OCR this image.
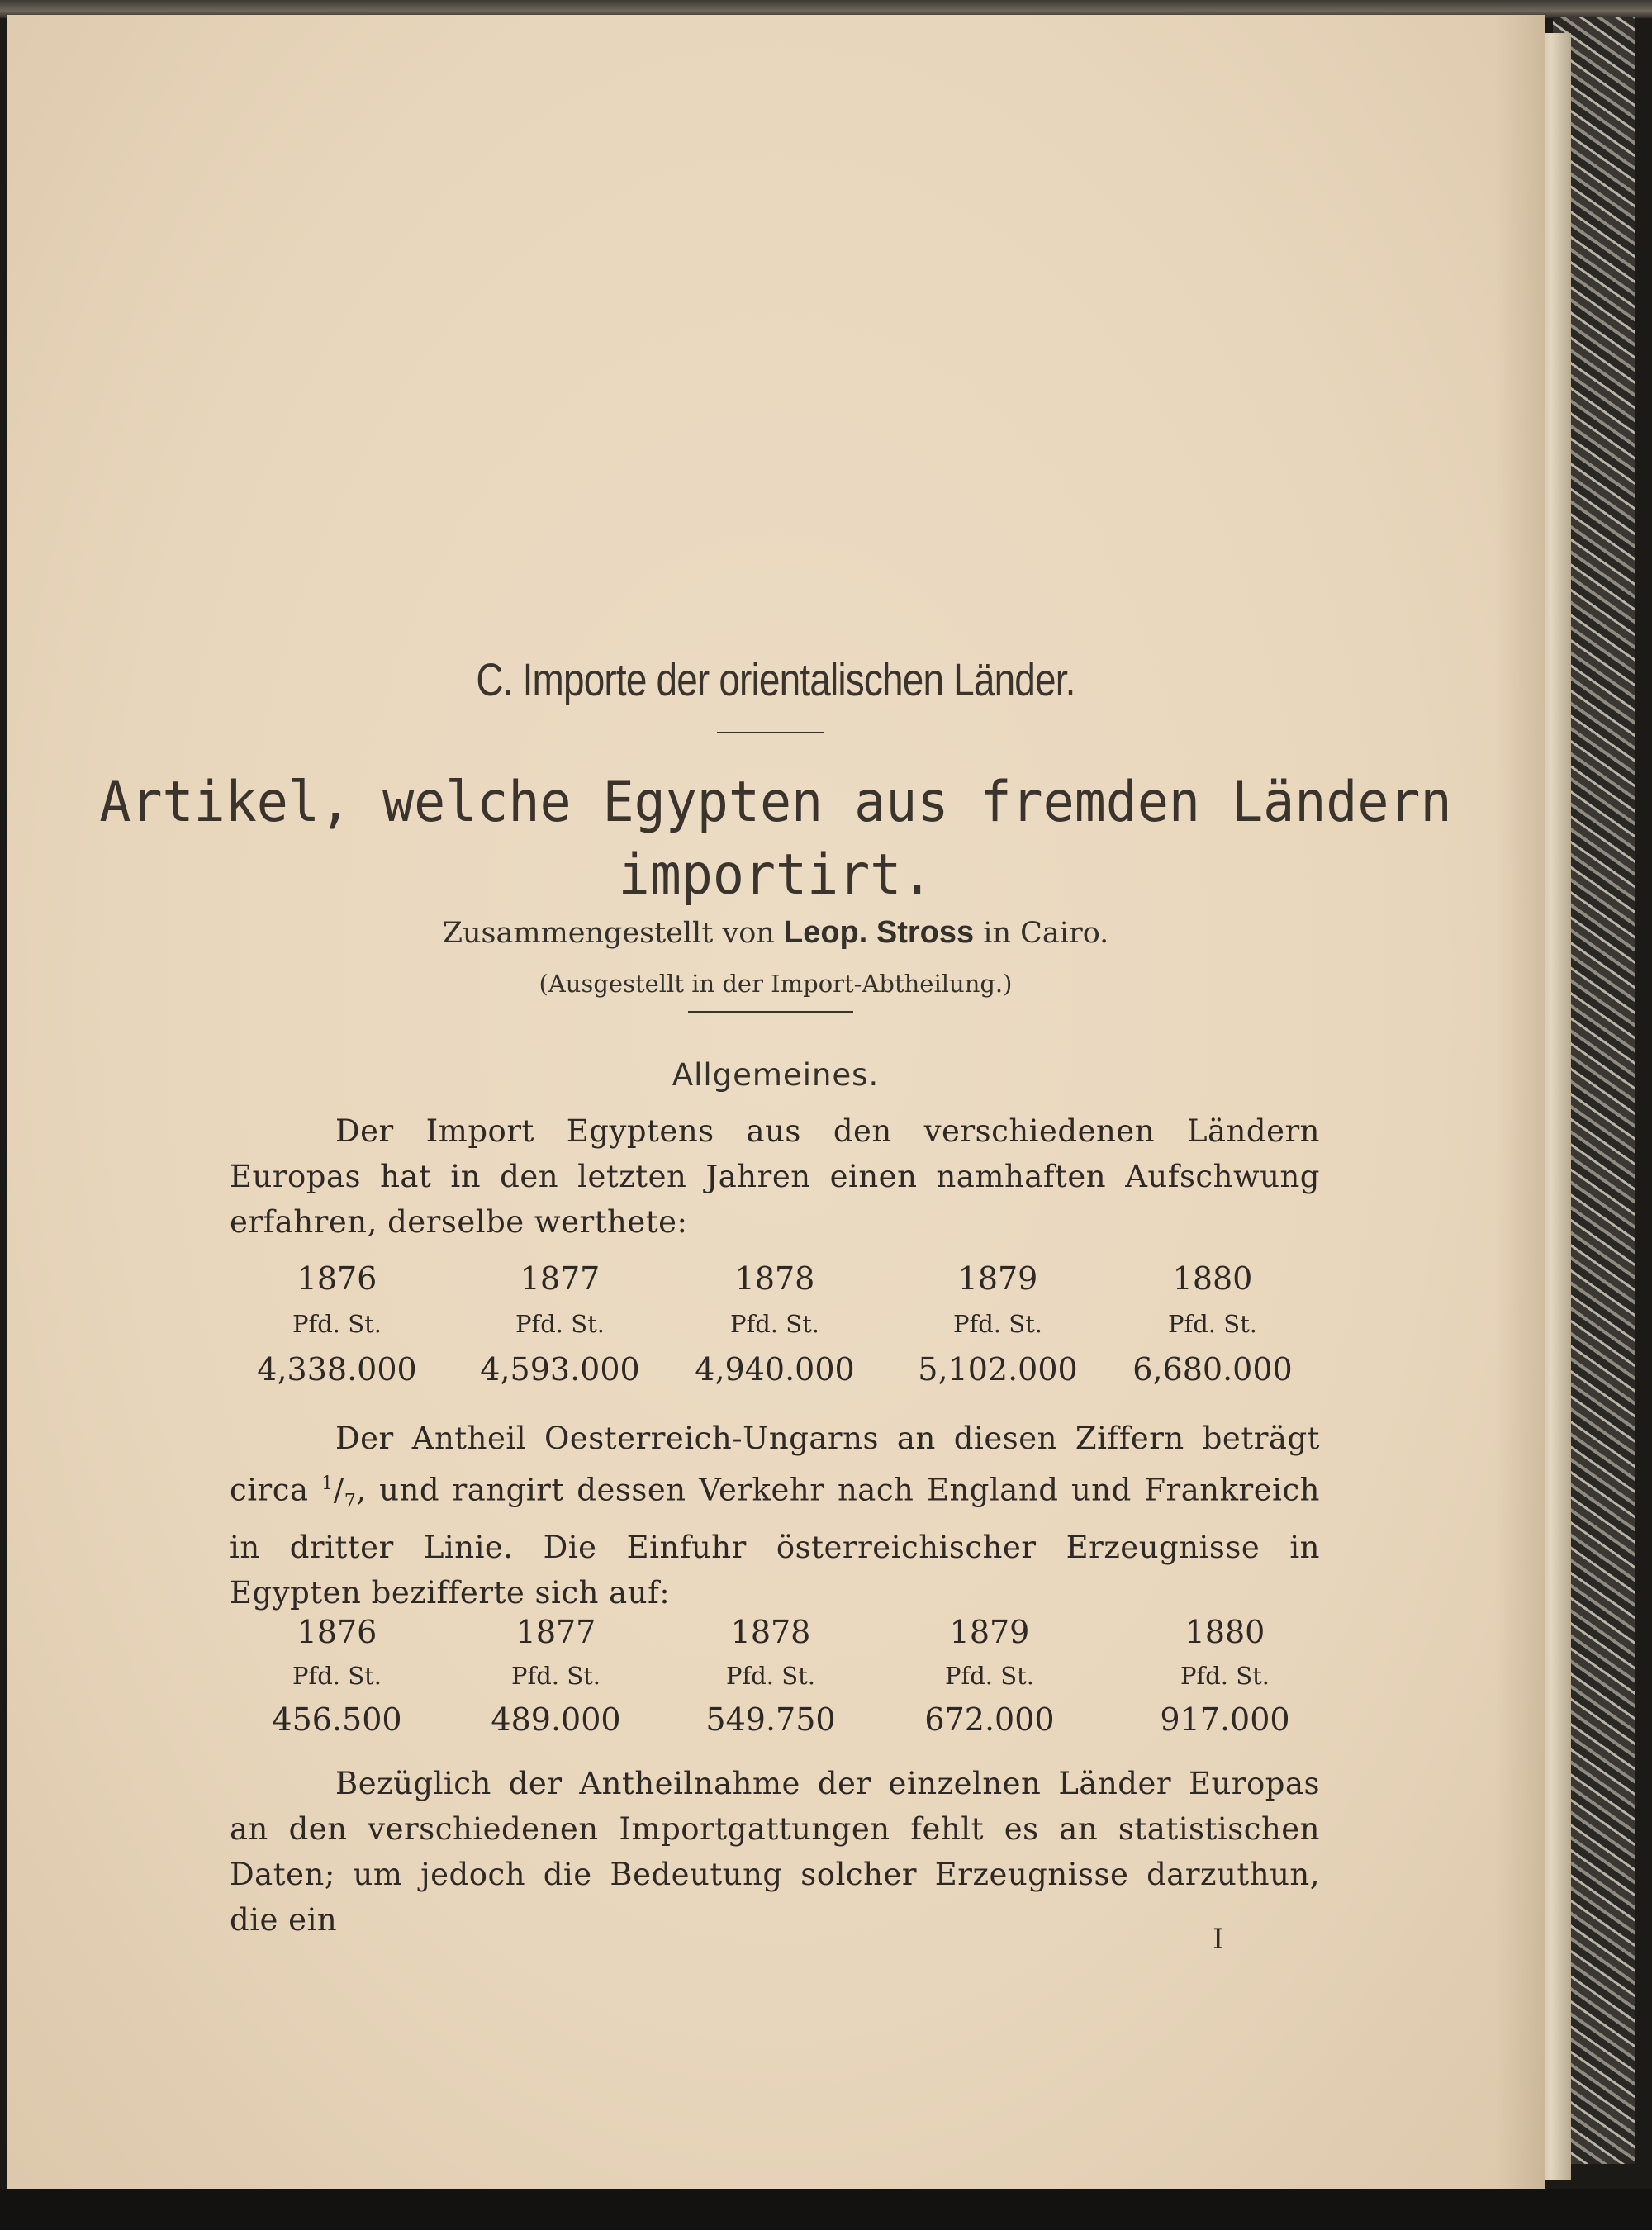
C. Importe der orientalischen Länder.
Artikel, welche Egypten aus fremden Ländern
importirt.
Zusammengestellt von Leop. Stross in Cairo.
(Ausgestellt in der Import-Abtheilung.)
Allgemeines.
Der Import Egyptens aus den verschiedenen Ländern Europas hat in den letzten Jahren einen namhaften Aufschwung erfahren, derselbe werthete:
1876	1877	1878	1879	1880
Pfd. St.	Pfd. St.	Pfd. St.	Pfd. St.	Pfd. St.
4,338.000	4,593.000	4,940.000	5,102.000	6,680.000
Der Antheil Oesterreich-Ungarns an diesen Ziffern beträgt circa $^1/_7$, und rangirt dessen Verkehr nach England und Frankreich in dritter Linie. Die Einfuhr österreichischer Erzeugnisse in Egypten bezifferte sich auf:
1876	1877	1878	1879	1880
Pfd. St.	Pfd. St.	Pfd. St.	Pfd. St.	Pfd. St.
456.500	489.000	549.750	672.000	917.000
Bezüglich der Antheilnahme der einzelnen Länder Europas an den verschiedenen Importgattungen fehlt es an statistischen Daten; um jedoch die Bedeutung solcher Erzeugnisse darzuthun, die ein
I
